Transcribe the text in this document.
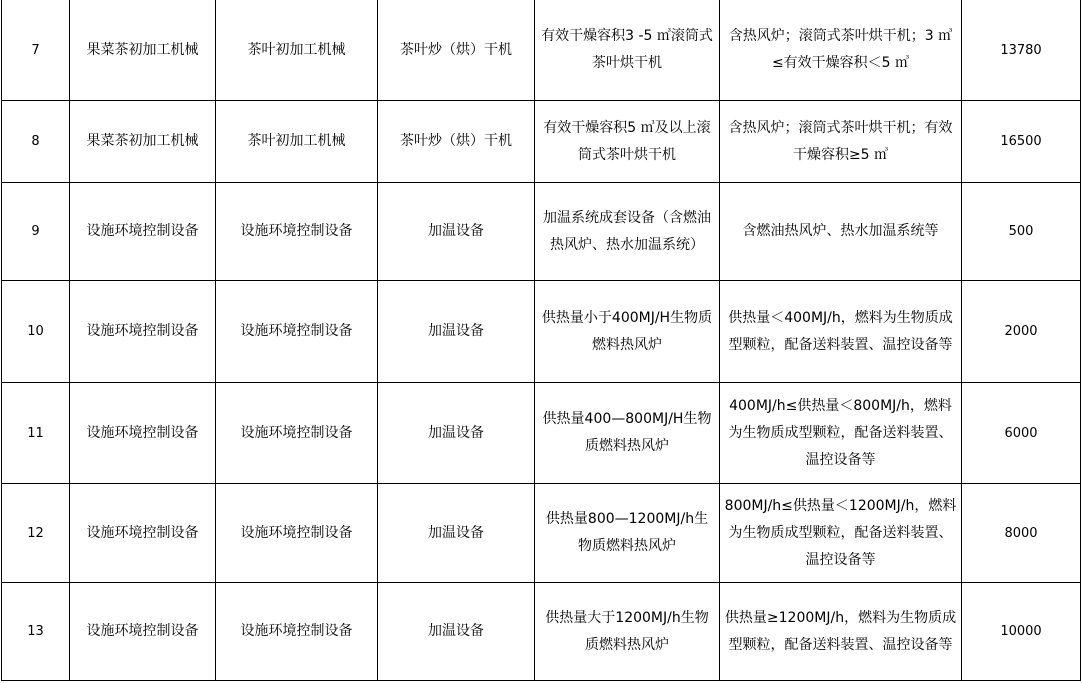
7	果菜茶初加工机械	茶叶初加工机械	茶叶炒（烘）干机	有效干燥容积3 -5 ㎥滚筒式茶叶烘干机	含热风炉；滚筒式茶叶烘干机；3 ㎥≤有效干燥容积＜5 ㎥	13780
8	果菜茶初加工机械	茶叶初加工机械	茶叶炒（烘）干机	有效干燥容积5 ㎥及以上滚筒式茶叶烘干机	含热风炉；滚筒式茶叶烘干机；有效干燥容积≥5 ㎥	16500
9	设施环境控制设备	设施环境控制设备	加温设备	加温系统成套设备（含燃油热风炉、热水加温系统）	含燃油热风炉、热水加温系统等	500
10	设施环境控制设备	设施环境控制设备	加温设备	供热量小于400MJ/H生物质燃料热风炉	供热量＜400MJ/h，燃料为生物质成型颗粒，配备送料装置、温控设备等	2000
11	设施环境控制设备	设施环境控制设备	加温设备	供热量400—800MJ/H生物质燃料热风炉	400MJ/h≤供热量＜800MJ/h，燃料为生物质成型颗粒，配备送料装置、温控设备等	6000
12	设施环境控制设备	设施环境控制设备	加温设备	供热量800—1200MJ/h生物质燃料热风炉	800MJ/h≤供热量＜1200MJ/h，燃料为生物质成型颗粒，配备送料装置、温控设备等	8000
13	设施环境控制设备	设施环境控制设备	加温设备	供热量大于1200MJ/h生物质燃料热风炉	供热量≥1200MJ/h，燃料为生物质成型颗粒，配备送料装置、温控设备等	10000
